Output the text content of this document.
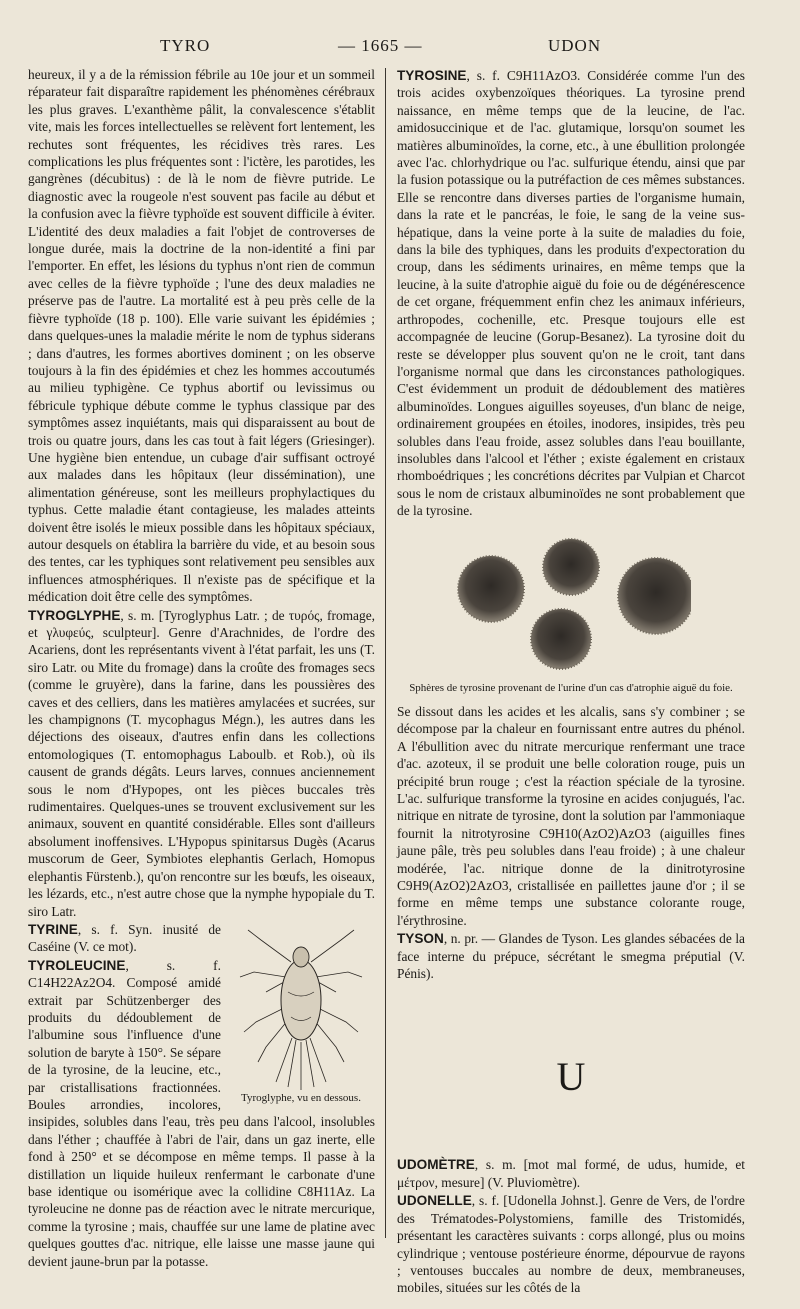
TYRO	— 1665 —	UDON

heureux, il y a de la rémission fébrile au 10e jour et un sommeil réparateur fait disparaître rapidement les phénomènes cérébraux les plus graves. L'exanthème pâlit, la convalescence s'établit vite, mais les forces intellectuelles se relèvent fort lentement, les rechutes sont fréquentes, les récidives très rares. Les complications les plus fréquentes sont : l'ictère, les parotides, les gangrènes (décubitus) : de là le nom de fièvre putride. Le diagnostic avec la rougeole n'est souvent pas facile au début et la confusion avec la fièvre typhoïde est souvent difficile à éviter. L'identité des deux maladies a fait l'objet de controverses de longue durée, mais la doctrine de la non-identité a fini par l'emporter. En effet, les lésions du typhus n'ont rien de commun avec celles de la fièvre typhoïde ; l'une des deux maladies ne préserve pas de l'autre. La mortalité est à peu près celle de la fièvre typhoïde (18 p. 100). Elle varie suivant les épidémies ; dans quelques-unes la maladie mérite le nom de typhus siderans ; dans d'autres, les formes abortives dominent ; on les observe toujours à la fin des épidémies et chez les hommes accoutumés au milieu typhigène. Ce typhus abortif ou levissimus ou fébricule typhique débute comme le typhus classique par des symptômes assez inquiétants, mais qui disparaissent au bout de trois ou quatre jours, dans les cas tout à fait légers (Griesinger). Une hygiène bien entendue, un cubage d'air suffisant octroyé aux malades dans les hôpitaux (leur dissémination), une alimentation généreuse, sont les meilleurs prophylactiques du typhus. Cette maladie étant contagieuse, les malades atteints doivent être isolés le mieux possible dans les hôpitaux spéciaux, autour desquels on établira la barrière du vide, et au besoin sous des tentes, car les typhiques sont relativement peu sensibles aux influences atmosphériques. Il n'existe pas de spécifique et la médication doit être celle des symptômes.

TYROGLYPHE, s. m. [Tyroglyphus Latr. ; de τυρός, fromage, et γλυφεύς, sculpteur]. Genre d'Arachnides, de l'ordre des Acariens, dont les représentants vivent à l'état parfait, les uns (T. siro Latr. ou Mite du fromage) dans la croûte des fromages secs (comme le gruyère), dans la farine, dans les poussières des caves et des celliers, dans les matières amylacées et sucrées, sur les champignons (T. mycophagus Mégn.), les autres dans les déjections des oiseaux, d'autres enfin dans les collections entomologiques (T. entomophagus Laboulb. et Rob.), où ils causent de grands dégâts. Leurs larves, connues anciennement sous le nom d'Hypopes, ont les pièces buccales très rudimentaires. Quelques-unes se trouvent exclusivement sur les animaux, souvent en quantité considérable. Elles sont d'ailleurs absolument inoffensives. L'Hypopus spinitarsus Dugès (Acarus muscorum de Geer, Symbiotes elephantis Gerlach, Homopus elephantis Fürstenb.), qu'on rencontre sur les bœufs, les oiseaux, les lézards, etc., n'est autre chose que la nymphe hypopiale du T. siro Latr.
Tyroglyphe, vu en dessous.
TYRINE, s. f. Syn. inusité de Caséine (V. ce mot).
TYROLEUCINE, s. f. C14H22Az2O4. Composé amidé extrait par Schützenberger des produits du dédoublement de l'albumine sous l'influence d'une solution de baryte à 150°. Se sépare de la tyrosine, de la leucine, etc., par cristallisations fractionnées. Boules arrondies, incolores, insipides, solubles dans l'eau, très peu dans l'alcool, insolubles dans l'éther ; chauffée à l'abri de l'air, dans un gaz inerte, elle fond à 250° et se décompose en même temps. Il passe à la distillation un liquide huileux renfermant le carbonate d'une base identique ou isomérique avec la collidine C8H11Az. La tyroleucine ne donne pas de réaction avec le nitrate mercurique, comme la tyrosine ; mais, chauffée sur une lame de platine avec quelques gouttes d'ac. nitrique, elle laisse une masse jaune qui devient jaune-brun par la potasse.
TYROSINE, s. f. C9H11AzO3. Considérée comme l'un des trois acides oxybenzoïques théoriques. La tyrosine prend naissance, en même temps que de la leucine, de l'ac. amidosuccinique et de l'ac. glutamique, lorsqu'on soumet les matières albuminoïdes, la corne, etc., à une ébullition prolongée avec l'ac. chlorhydrique ou l'ac. sulfurique étendu, ainsi que par la fusion potassique ou la putréfaction de ces mêmes substances. Elle se rencontre dans diverses parties de l'organisme humain, dans la rate et le pancréas, le foie, le sang de la veine sus-hépatique, dans la veine porte à la suite de maladies du foie, dans la bile des typhiques, dans les produits d'expectoration du croup, dans les sédiments urinaires, en même temps que la leucine, à la suite d'atrophie aiguë du foie ou de dégénérescence de cet organe, fréquemment enfin chez les animaux inférieurs, arthropodes, cochenille, etc. Presque toujours elle est accompagnée de leucine (Gorup-Besanez). La tyrosine doit du reste se développer plus souvent qu'on ne le croit, tant dans l'organisme normal que dans les circonstances pathologiques. C'est évidemment un produit de dédoublement des matières albuminoïdes. Longues aiguilles soyeuses, d'un blanc de neige, ordinairement groupées en étoiles, inodores, insipides, très peu solubles dans l'eau froide, assez solubles dans l'eau bouillante, insolubles dans l'alcool et l'éther ; existe également en cristaux rhomboédriques ; les concrétions décrites par Vulpian et Charcot sous le nom de cristaux albuminoïdes ne sont probablement que de la tyrosine.
Sphères de tyrosine provenant de l'urine d'un cas d'atrophie aiguë du foie.

Se dissout dans les acides et les alcalis, sans s'y combiner ; se décompose par la chaleur en fournissant entre autres du phénol. A l'ébullition avec du nitrate mercurique renfermant une trace d'ac. azoteux, il se produit une belle coloration rouge, puis un précipité brun rouge ; c'est la réaction spéciale de la tyrosine. L'ac. sulfurique transforme la tyrosine en acides conjugués, l'ac. nitrique en nitrate de tyrosine, dont la solution par l'ammoniaque fournit la nitrotyrosine C9H10(AzO2)AzO3 (aiguilles fines jaune pâle, très peu solubles dans l'eau froide) ; à une chaleur modérée, l'ac. nitrique donne de la dinitrotyrosine C9H9(AzO2)2AzO3, cristallisée en paillettes jaune d'or ; il se forme en même temps une substance colorante rouge, l'érythrosine.

TYSON, n. pr. — Glandes de Tyson. Les glandes sébacées de la face interne du prépuce, sécrétant le smegma préputial (V. Pénis).
U
UDOMÈTRE, s. m. [mot mal formé, de udus, humide, et μέτρον, mesure] (V. Pluviomètre).
UDONELLE, s. f. [Udonella Johnst.]. Genre de Vers, de l'ordre des Trématodes-Polystomiens, famille des Tristomidés, présentant les caractères suivants : corps allongé, plus ou moins cylindrique ; ventouse postérieure énorme, dépourvue de rayons ; ventouses buccales au nombre de deux, membraneuses, mobiles, situées sur les côtés de la
